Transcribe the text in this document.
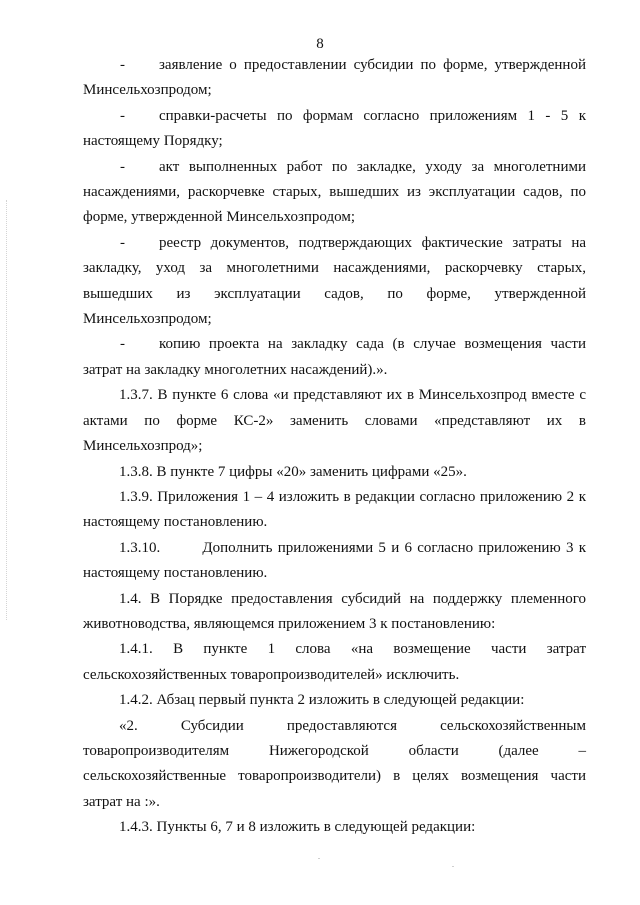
8

- заявление о предоставлении субсидии по форме, утвержденной Минсельхозпродом;

- справки-расчеты по формам согласно приложениям 1 - 5 к настоящему Порядку;

- акт выполненных работ по закладке, уходу за многолетними насаждениями, раскорчевке старых, вышедших из эксплуатации садов, по форме, утвержденной Минсельхозпродом;

- реестр документов, подтверждающих фактические затраты на закладку, уход за многолетними насаждениями, раскорчевку старых, вышедших из эксплуатации садов, по форме, утвержденной Минсельхозпродом;

- копию проекта на закладку сада (в случае возмещения части затрат на закладку многолетних насаждений).».

1.3.7. В пункте 6 слова «и представляют их в Минсельхозпрод вместе с актами по форме КС-2» заменить словами «представляют их в Минсельхозпрод»;

1.3.8. В пункте 7 цифры «20» заменить цифрами «25».

1.3.9. Приложения 1 – 4 изложить в редакции согласно приложению 2 к настоящему постановлению.

1.3.10.        Дополнить приложениями 5 и 6 согласно приложению 3 к настоящему постановлению.

1.4. В Порядке предоставления субсидий на поддержку племенного животноводства, являющемся приложением 3 к постановлению:

1.4.1. В пункте 1 слова «на возмещение части затрат сельскохозяйственных товаропроизводителей» исключить.

1.4.2. Абзац первый пункта 2 изложить в следующей редакции:

«2. Субсидии предоставляются сельскохозяйственным товаропроизводителям Нижегородской области (далее – сельскохозяйственные товаропроизводители) в целях возмещения части затрат на :».

1.4.3. Пункты 6, 7 и 8 изложить в следующей редакции:
